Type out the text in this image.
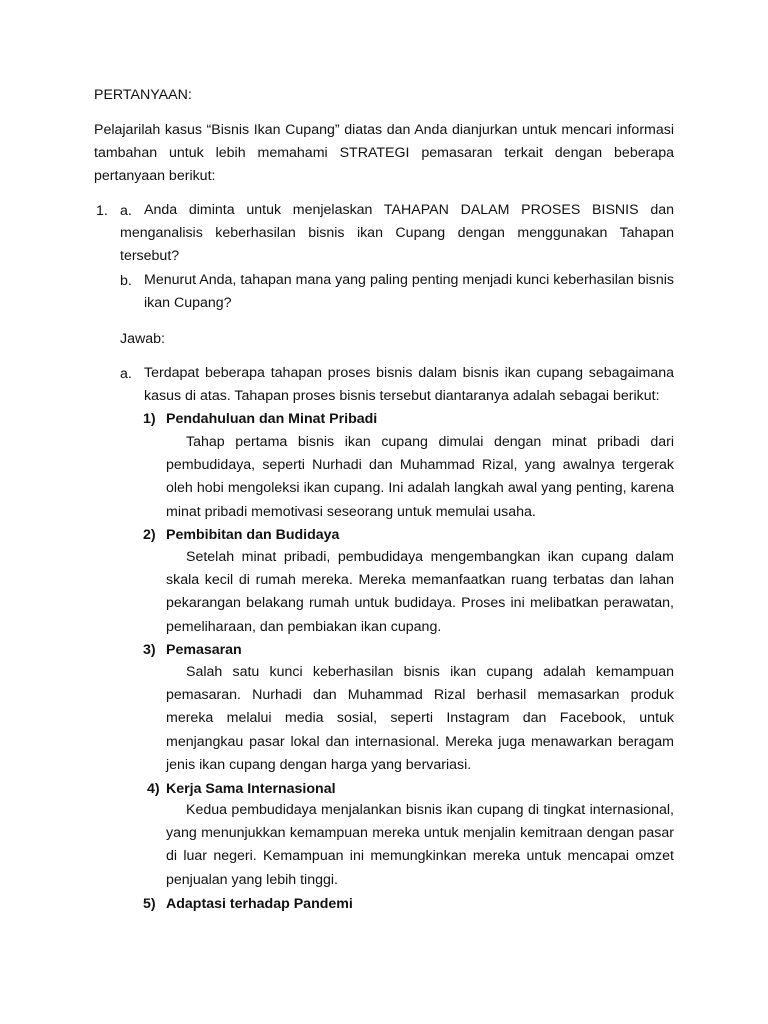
PERTANYAAN:
Pelajarilah kasus “Bisnis Ikan Cupang” diatas dan Anda dianjurkan untuk mencari informasi tambahan untuk lebih memahami STRATEGI pemasaran terkait dengan beberapa pertanyaan berikut:
1. a. Anda diminta untuk menjelaskan TAHAPAN DALAM PROSES BISNIS dan menganalisis keberhasilan bisnis ikan Cupang dengan menggunakan Tahapan tersebut?
b. Menurut Anda, tahapan mana yang paling penting menjadi kunci keberhasilan bisnis ikan Cupang?
Jawab:
a. Terdapat beberapa tahapan proses bisnis dalam bisnis ikan cupang sebagaimana kasus di atas. Tahapan proses bisnis tersebut diantaranya adalah sebagai berikut:
1) Pendahuluan dan Minat Pribadi
Tahap pertama bisnis ikan cupang dimulai dengan minat pribadi dari pembudidaya, seperti Nurhadi dan Muhammad Rizal, yang awalnya tergerak oleh hobi mengoleksi ikan cupang. Ini adalah langkah awal yang penting, karena minat pribadi memotivasi seseorang untuk memulai usaha.
2) Pembibitan dan Budidaya
Setelah minat pribadi, pembudidaya mengembangkan ikan cupang dalam skala kecil di rumah mereka. Mereka memanfaatkan ruang terbatas dan lahan pekarangan belakang rumah untuk budidaya. Proses ini melibatkan perawatan, pemeliharaan, dan pembiakan ikan cupang.
3) Pemasaran
Salah satu kunci keberhasilan bisnis ikan cupang adalah kemampuan pemasaran. Nurhadi dan Muhammad Rizal berhasil memasarkan produk mereka melalui media sosial, seperti Instagram dan Facebook, untuk menjangkau pasar lokal dan internasional. Mereka juga menawarkan beragam jenis ikan cupang dengan harga yang bervariasi.
4) Kerja Sama Internasional
Kedua pembudidaya menjalankan bisnis ikan cupang di tingkat internasional, yang menunjukkan kemampuan mereka untuk menjalin kemitraan dengan pasar di luar negeri. Kemampuan ini memungkinkan mereka untuk mencapai omzet penjualan yang lebih tinggi.
5) Adaptasi terhadap Pandemi
